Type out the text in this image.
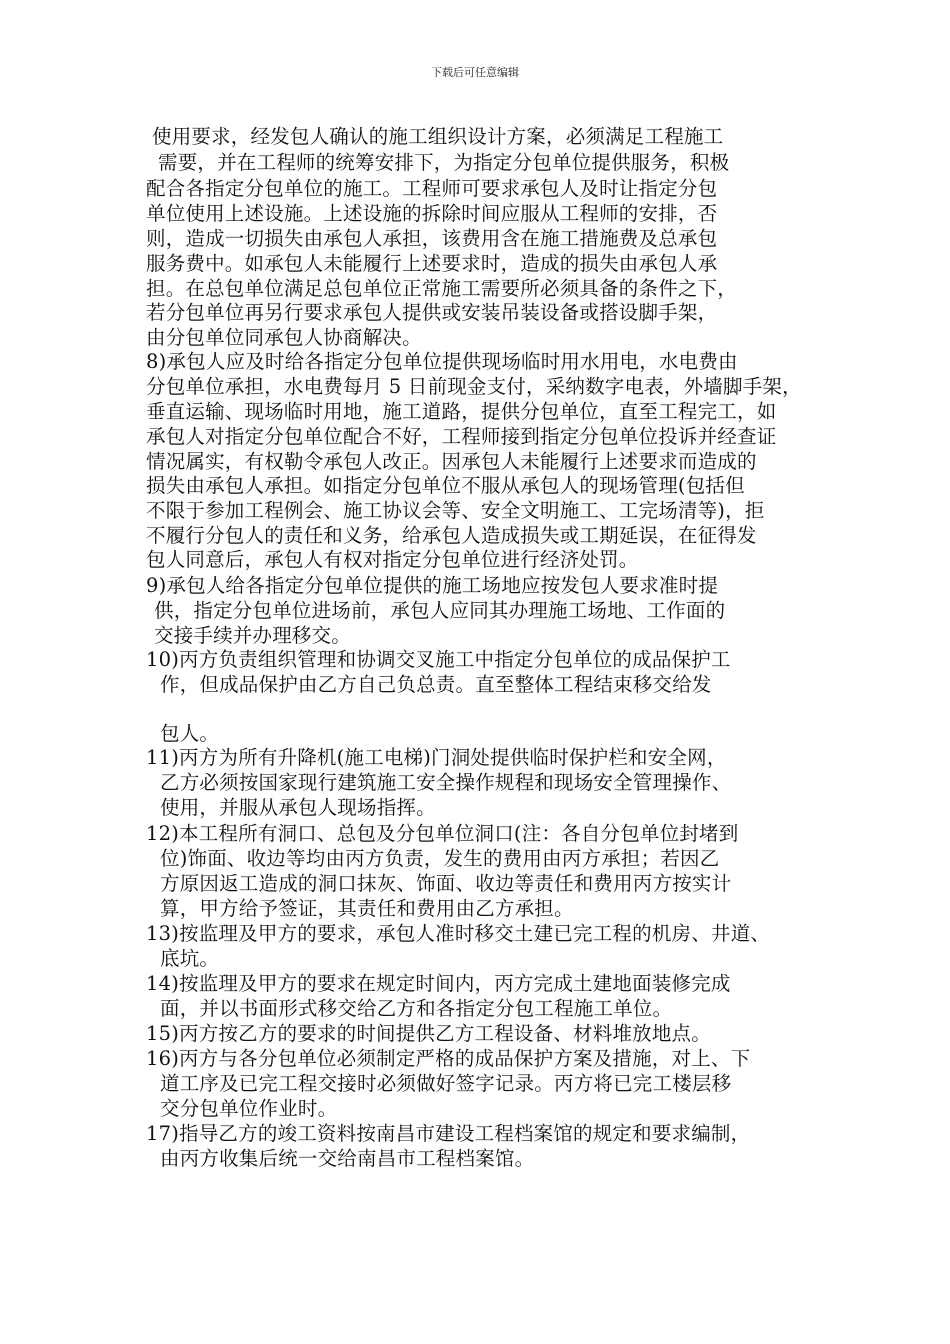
下载后可任意编辑
使用要求，经发包人确认的施工组织设计方案，必须满足工程施工
需要，并在工程师的统筹安排下，为指定分包单位提供服务，积极
配合各指定分包单位的施工。工程师可要求承包人及时让指定分包
单位使用上述设施。上述设施的拆除时间应服从工程师的安排，否
则，造成一切损失由承包人承担，该费用含在施工措施费及总承包
服务费中。如承包人未能履行上述要求时，造成的损失由承包人承
担。在总包单位满足总包单位正常施工需要所必须具备的条件之下，
若分包单位再另行要求承包人提供或安装吊装设备或搭设脚手架，
由分包单位同承包人协商解决。
8)承包人应及时给各指定分包单位提供现场临时用水用电，水电费由
分包单位承担，水电费每月 5 日前现金支付，采纳数字电表，外墙脚手架，
垂直运输、现场临时用地，施工道路，提供分包单位，直至工程完工，如
承包人对指定分包单位配合不好，工程师接到指定分包单位投诉并经查证
情况属实，有权勒令承包人改正。因承包人未能履行上述要求而造成的
损失由承包人承担。如指定分包单位不服从承包人的现场管理(包括但
不限于参加工程例会、施工协议会等、安全文明施工、工完场清等)，拒
不履行分包人的责任和义务，给承包人造成损失或工期延误，在征得发
包人同意后，承包人有权对指定分包单位进行经济处罚。
9)承包人给各指定分包单位提供的施工场地应按发包人要求准时提
供，指定分包单位进场前，承包人应同其办理施工场地、工作面的
交接手续并办理移交。
10)丙方负责组织管理和协调交叉施工中指定分包单位的成品保护工
作，但成品保护由乙方自己负总责。直至整体工程结束移交给发
包人。
11)丙方为所有升降机(施工电梯)门洞处提供临时保护栏和安全网，
乙方必须按国家现行建筑施工安全操作规程和现场安全管理操作、
使用，并服从承包人现场指挥。
12)本工程所有洞口、总包及分包单位洞口(注：各自分包单位封堵到
位)饰面、收边等均由丙方负责，发生的费用由丙方承担；若因乙
方原因返工造成的洞口抹灰、饰面、收边等责任和费用丙方按实计
算，甲方给予签证，其责任和费用由乙方承担。
13)按监理及甲方的要求，承包人准时移交土建已完工程的机房、井道、
底坑。
14)按监理及甲方的要求在规定时间内，丙方完成土建地面装修完成
面，并以书面形式移交给乙方和各指定分包工程施工单位。
15)丙方按乙方的要求的时间提供乙方工程设备、材料堆放地点。
16)丙方与各分包单位必须制定严格的成品保护方案及措施，对上、下
道工序及已完工程交接时必须做好签字记录。丙方将已完工楼层移
交分包单位作业时。
17)指导乙方的竣工资料按南昌市建设工程档案馆的规定和要求编制，
由丙方收集后统一交给南昌市工程档案馆。
